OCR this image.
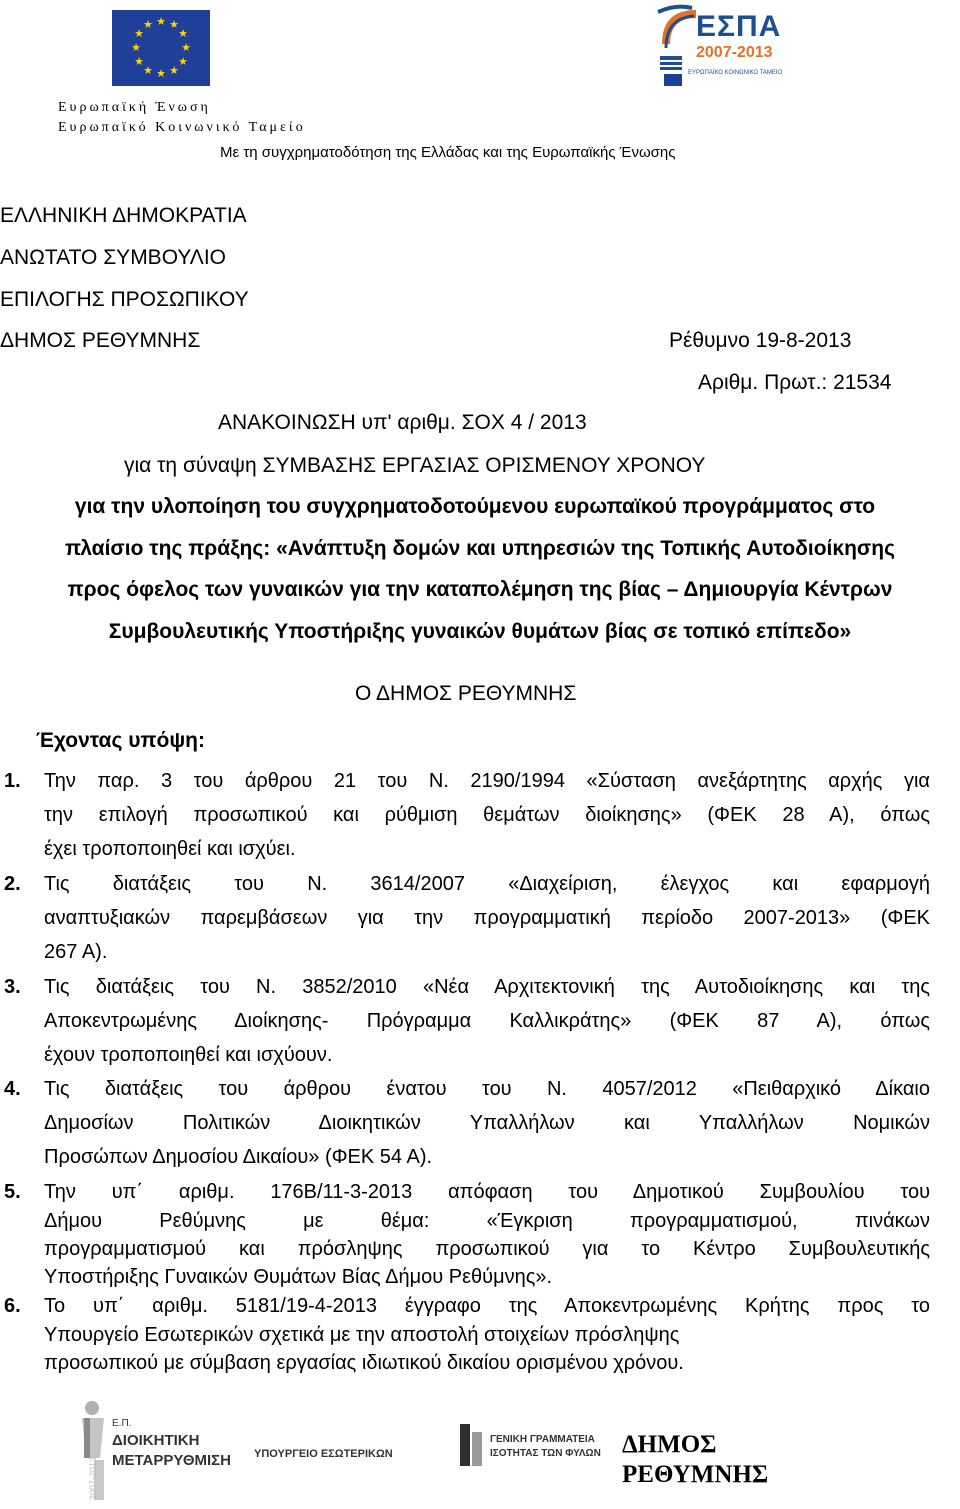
★ ★
★
★
★
★
★
★
★
★
★
★
Ευρωπαϊκή Ένωση
Ευρωπαϊκό Κοινωνικό Ταμείο
ΕΣΠΑ
2007-2013
ΕΥΡΩΠΑΪΚΟ ΚΟΙΝΩΝΙΚΟ ΤΑΜΕΙΟ
Με τη συγχρηματοδότηση της Ελλάδας και της Ευρωπαϊκής Ένωσης
ΕΛΛΗΝΙΚΗ ΔΗΜΟΚΡΑΤΙΑ
ΑΝΩΤΑΤΟ ΣΥΜΒΟΥΛΙΟ
ΕΠΙΛΟΓΗΣ ΠΡΟΣΩΠΙΚΟΥ
ΔΗΜΟΣ ΡΕΘΥΜΝΗΣ	Ρέθυμνο 19-8-2013
Αριθμ. Πρωτ.: 21534
ΑΝΑΚΟΙΝΩΣΗ υπ' αριθμ. ΣΟΧ 4 / 2013
για τη σύναψη ΣΥΜΒΑΣΗΣ ΕΡΓΑΣΙΑΣ ΟΡΙΣΜΕΝΟΥ ΧΡΟΝΟΥ
για την υλοποίηση του συγχρηματοδοτούμενου ευρωπαϊκού προγράμματος στο
πλαίσιο της πράξης: «Ανάπτυξη δομών και υπηρεσιών της Τοπικής Αυτοδιοίκησης
προς όφελος των γυναικών για την καταπολέμηση της βίας – Δημιουργία Κέντρων
Συμβουλευτικής Υποστήριξης γυναικών θυμάτων βίας σε τοπικό επίπεδο»
Ο ΔΗΜΟΣ ΡΕΘΥΜΝΗΣ
Έχοντας υπόψη:
1. Την παρ. 3 του άρθρου 21 του Ν. 2190/1994 «Σύσταση ανεξάρτητης αρχής για
την επιλογή προσωπικού και ρύθμιση θεμάτων διοίκησης» (ΦΕΚ 28 Α), όπως
έχει τροποποιηθεί και ισχύει.
2. Τις διατάξεις του Ν. 3614/2007 «Διαχείριση, έλεγχος και εφαρμογή
αναπτυξιακών παρεμβάσεων για την προγραμματική περίοδο 2007-2013» (ΦΕΚ
267 Α).
3. Τις διατάξεις του Ν. 3852/2010 «Νέα Αρχιτεκτονική της Αυτοδιοίκησης και της
Αποκεντρωμένης Διοίκησης- Πρόγραμμα Καλλικράτης» (ΦΕΚ 87 Α), όπως
έχουν τροποποιηθεί και ισχύουν.
4. Τις διατάξεις του άρθρου ένατου του Ν. 4057/2012 «Πειθαρχικό Δίκαιο
Δημοσίων Πολιτικών Διοικητικών Υπαλλήλων και Υπαλλήλων Νομικών
Προσώπων Δημοσίου Δικαίου» (ΦΕΚ 54 Α).
5. Την υπ΄ αριθμ. 176Β/11-3-2013 απόφαση του Δημοτικού Συμβουλίου του
Δήμου Ρεθύμνης με θέμα: «Έγκριση προγραμματισμού, πινάκων
προγραμματισμού και πρόσληψης προσωπικού για το Κέντρο Συμβουλευτικής
Υποστήριξης Γυναικών Θυμάτων Βίας Δήμου Ρεθύμνης».
6. Το υπ΄ αριθμ. 5181/19-4-2013 έγγραφο της Αποκεντρωμένης Κρήτης προς το
Υπουργείο Εσωτερικών σχετικά με την αποστολή στοιχείων πρόσληψης
προσωπικού με σύμβαση εργασίας ιδιωτικού δικαίου ορισμένου χρόνου.
2007-2013
Ε.Π.
ΔΙΟΙΚΗΤΙΚΗ
ΜΕΤΑΡΡΥΘΜΙΣΗ ΥΠΟΥΡΓΕΙΟ ΕΣΩΤΕΡΙΚΩΝ
ΓΕΝΙΚΗ ΓΡΑΜΜΑΤΕΙΑ
ΙΣΟΤΗΤΑΣ ΤΩΝ ΦΥΛΩΝ ΔΗΜΟΣ
ΡΕΘΥΜΝΗΣ
